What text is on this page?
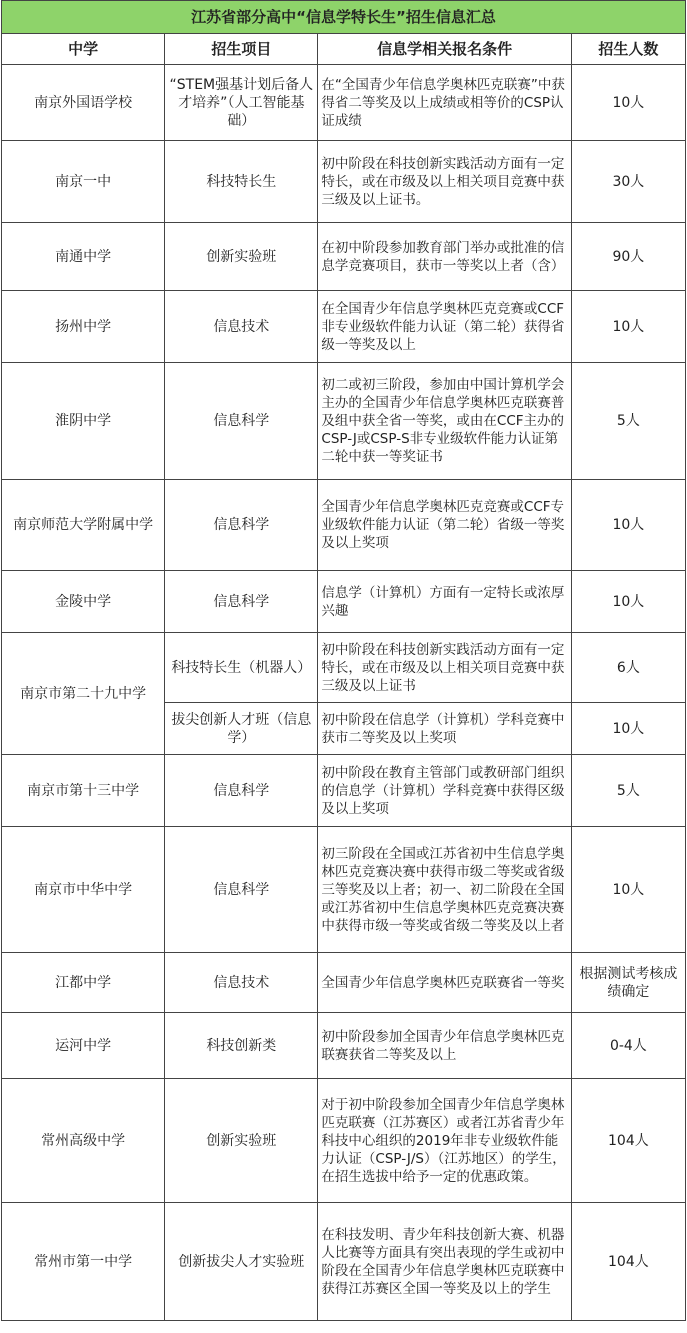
江苏省部分高中“信息学特长生”招生信息汇总			
中学	招生项目	信息学相关报名条件	招生人数
南京外国语学校	“STEM强基计划后备人才培养”（人工智能基础）	在“全国青少年信息学奥林匹克联赛”中获得省二等奖及以上成绩或相等价的CSP认证成绩	10人
南京一中	科技特长生	初中阶段在科技创新实践活动方面有一定特长，或在市级及以上相关项目竞赛中获三级及以上证书。	30人
南通中学	创新实验班	在初中阶段参加教育部门举办或批准的信息学竞赛项目，获市一等奖以上者（含）	90人
扬州中学	信息技术	在全国青少年信息学奥林匹克竞赛或CCF非专业级软件能力认证（第二轮）获得省级一等奖及以上	10人
淮阴中学	信息科学	初二或初三阶段，参加由中国计算机学会主办的全国青少年信息学奥林匹克联赛普及组中获全省一等奖，或由在CCF主办的CSP-J或CSP-S非专业级软件能力认证第二轮中获一等奖证书	5人
南京师范大学附属中学	信息科学	全国青少年信息学奥林匹克竞赛或CCF专业级软件能力认证（第二轮）省级一等奖及以上奖项	10人
金陵中学	信息科学	信息学（计算机）方面有一定特长或浓厚兴趣	10人
南京市第二十九中学	科技特长生（机器人）	初中阶段在科技创新实践活动方面有一定特长，或在市级及以上相关项目竞赛中获三级及以上证书	6人
	拔尖创新人才班（信息学）	初中阶段在信息学（计算机）学科竞赛中获市二等奖及以上奖项	10人
南京市第十三中学	信息科学	初中阶段在教育主管部门或教研部门组织的信息学（计算机）学科竞赛中获得区级及以上奖项	5人
南京市中华中学	信息科学	初三阶段在全国或江苏省初中生信息学奥林匹克竞赛决赛中获得市级二等奖或省级三等奖及以上者；初一、初二阶段在全国或江苏省初中生信息学奥林匹克竞赛决赛中获得市级一等奖或省级二等奖及以上者	10人
江都中学	信息技术	全国青少年信息学奥林匹克联赛省一等奖	根据测试考核成绩确定
运河中学	科技创新类	初中阶段参加全国青少年信息学奥林匹克联赛获省二等奖及以上	0-4人
常州高级中学	创新实验班	对于初中阶段参加全国青少年信息学奥林匹克联赛（江苏赛区）或者江苏省青少年科技中心组织的2019年非专业级软件能力认证（CSP-J/S）（江苏地区）的学生，在招生选拔中给予一定的优惠政策。	104人
常州市第一中学	创新拔尖人才实验班	在科技发明、青少年科技创新大赛、机器人比赛等方面具有突出表现的学生或初中阶段在全国青少年信息学奥林匹克联赛中获得江苏赛区全国一等奖及以上的学生	104人
